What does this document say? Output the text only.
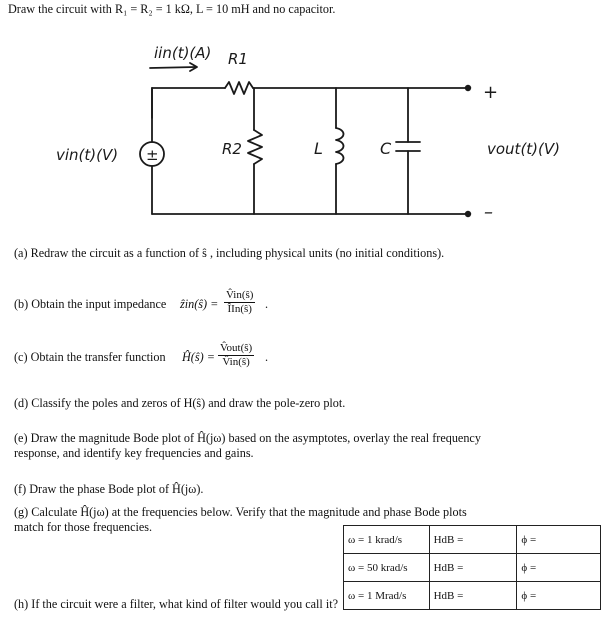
Draw the circuit with R₁ = R₂ = 1 kΩ, L = 10 mH and no capacitor.
iin(t)(A) R1
vin(t)(V) ±	R2	L	C	vout(t)(V)
+
–
(a) Redraw the circuit as a function of ŝ , including physical units (no initial conditions).
(b) Obtain the input impedance ẑin(ŝ) =
V̂in(ŝ)
ÎIn(ŝ) .
(c) Obtain the transfer function Ĥ(ŝ) =
V̂out(ŝ)
V̂in(ŝ)	.
(d) Classify the poles and zeros of H(ŝ) and draw the pole-zero plot.
(e) Draw the magnitude Bode plot of Ĥ(jω) based on the asymptotes, overlay the real frequency
response, and identify key frequencies and gains.
(f) Draw the phase Bode plot of Ĥ(jω).
(g) Calculate Ĥ(jω) at the frequencies below. Verify that the magnitude and phase Bode plots
match for those frequencies.
(h) If the circuit were a filter, what kind of filter would you call it?
ω = 1 krad/s	HdB =	ϕ =
ω = 50 krad/s	HdB =	ϕ =
ω = 1 Mrad/s	HdB =	ϕ =
